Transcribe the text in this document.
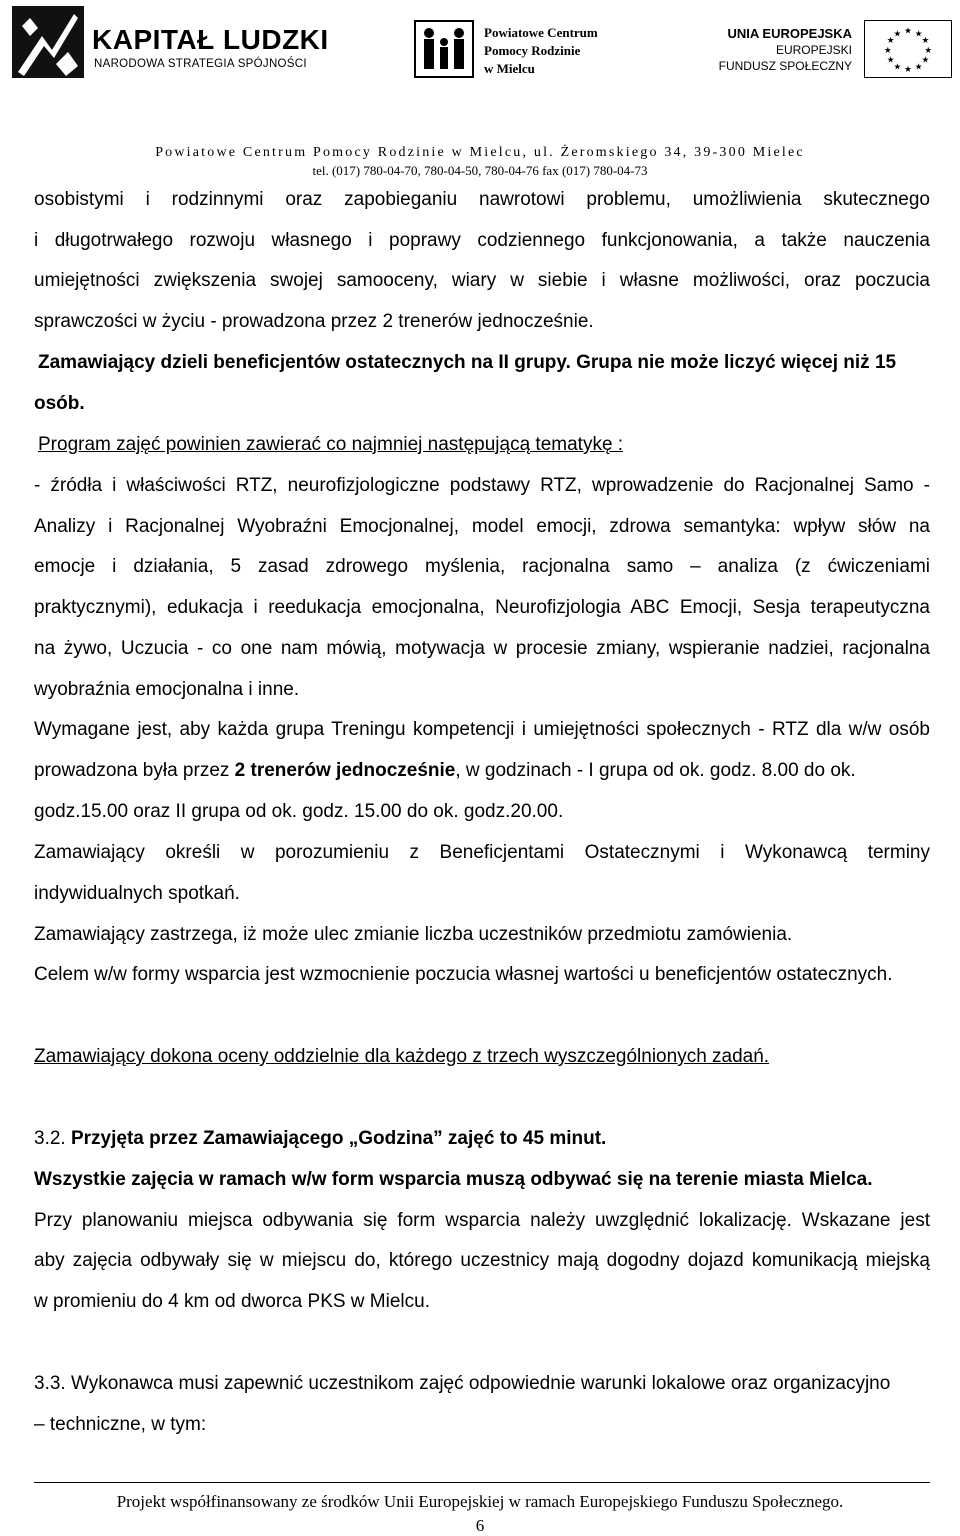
KAPITAŁ LUDZKI
NARODOWA STRATEGIA SPÓJNOŚCI
Powiatowe Centrum
Pomocy Rodzinie
w Mielcu
UNIA EUROPEJSKA
EUROPEJSKI
FUNDUSZ SPOŁECZNY
★ ★
★
★
★
★
★
★
★
★
★
★
Powiatowe Centrum Pomocy Rodzinie w Mielcu, ul. Żeromskiego 34, 39-300 Mielec
tel. (017) 780-04-70, 780-04-50, 780-04-76 fax (017) 780-04-73
osobistymi i rodzinnymi oraz zapobieganiu nawrotowi problemu, umożliwienia skutecznego
i długotrwałego rozwoju własnego i poprawy codziennego funkcjonowania, a także nauczenia
umiejętności zwiększenia swojej samooceny, wiary w siebie i własne możliwości, oraz poczucia
sprawczości w życiu - prowadzona przez 2 trenerów jednocześnie.
Zamawiający dzieli beneficjentów ostatecznych na II grupy. Grupa nie może liczyć więcej niż 15
osób.
Program zajęć powinien zawierać co najmniej następującą tematykę :
- źródła i właściwości RTZ, neurofizjologiczne podstawy RTZ, wprowadzenie do Racjonalnej Samo -
Analizy i Racjonalnej Wyobraźni Emocjonalnej, model emocji, zdrowa semantyka: wpływ słów na
emocje i działania, 5 zasad zdrowego myślenia, racjonalna samo – analiza (z ćwiczeniami
praktycznymi), edukacja i reedukacja emocjonalna, Neurofizjologia ABC Emocji, Sesja terapeutyczna
na żywo, Uczucia - co one nam mówią, motywacja w procesie zmiany, wspieranie nadziei, racjonalna
wyobraźnia emocjonalna i inne.
Wymagane jest, aby każda grupa Treningu kompetencji i umiejętności społecznych - RTZ dla w/w osób
prowadzona była przez 2 trenerów jednocześnie, w godzinach - I grupa od ok. godz. 8.00 do ok.
godz.15.00 oraz II grupa od ok. godz. 15.00 do ok. godz.20.00.
Zamawiający określi w porozumieniu z Beneficjentami Ostatecznymi i Wykonawcą terminy
indywidualnych spotkań.
Zamawiający zastrzega, iż może ulec zmianie liczba uczestników przedmiotu zamówienia.
Celem w/w formy wsparcia jest wzmocnienie poczucia własnej wartości u beneficjentów ostatecznych.
Zamawiający dokona oceny oddzielnie dla każdego z trzech wyszczególnionych zadań.
3.2. Przyjęta przez Zamawiającego „Godzina” zajęć to 45 minut.
Wszystkie zajęcia w ramach w/w form wsparcia muszą odbywać się na terenie miasta Mielca.
Przy planowaniu miejsca odbywania się form wsparcia należy uwzględnić lokalizację. Wskazane jest
aby zajęcia odbywały się w miejscu do, którego uczestnicy mają dogodny dojazd komunikacją miejską
w promieniu do 4 km od dworca PKS w Mielcu.
3.3. Wykonawca musi zapewnić uczestnikom zajęć odpowiednie warunki lokalowe oraz organizacyjno
– techniczne, w tym:
Projekt współfinansowany ze środków Unii Europejskiej w ramach Europejskiego Funduszu Społecznego.
6
